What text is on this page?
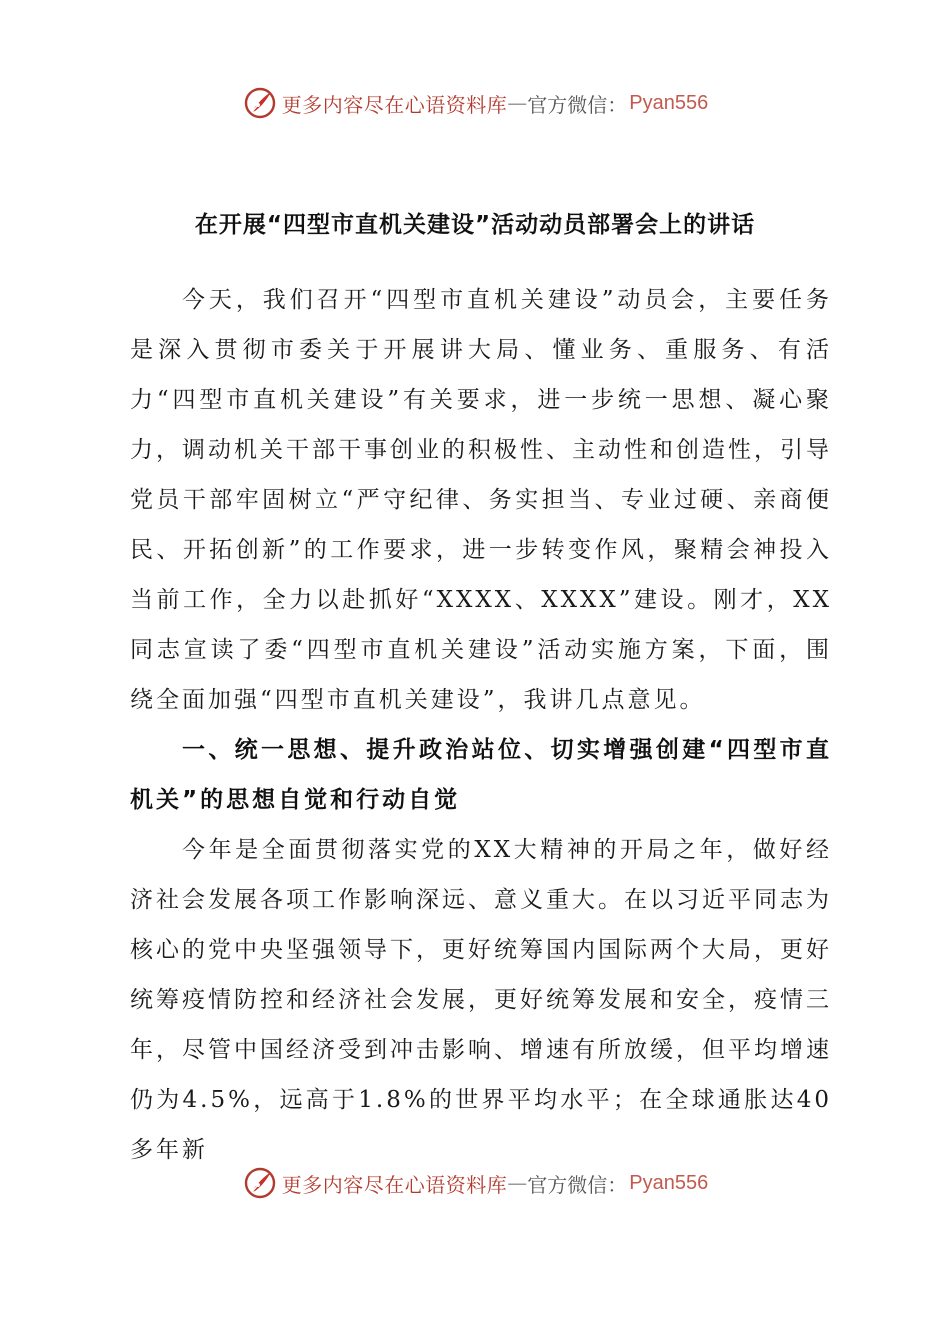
更多内容尽在心语资料库 — 官方微信： Pyan556
在开展“四型市直机关建设”活动动员部署会上的讲话

今天，我们召开“四型市直机关建设”动员会，主要任务是深入贯彻市委关于开展讲大局、懂业务、重服务、有活力“四型市直机关建设”有关要求，进一步统一思想、凝心聚力，调动机关干部干事创业的积极性、主动性和创造性，引导党员干部牢固树立“严守纪律、务实担当、专业过硬、亲商便民、开拓创新”的工作要求，进一步转变作风，聚精会神投入当前工作，全力以赴抓好“XXXX、XXXX”建设。刚才，XX同志宣读了委“四型市直机关建设”活动实施方案，下面，围绕全面加强“四型市直机关建设”，我讲几点意见。

一、统一思想、提升政治站位、切实增强创建“四型市直机关”的思想自觉和行动自觉

今年是全面贯彻落实党的XX大精神的开局之年，做好经济社会发展各项工作影响深远、意义重大。在以习近平同志为核心的党中央坚强领导下，更好统筹国内国际两个大局，更好统筹疫情防控和经济社会发展，更好统筹发展和安全，疫情三年，尽管中国经济受到冲击影响、增速有所放缓，但平均增速仍为4.5%，远高于1.8%的世界平均水平；在全球通胀达40多年新

更多内容尽在心语资料库 — 官方微信： Pyan556
